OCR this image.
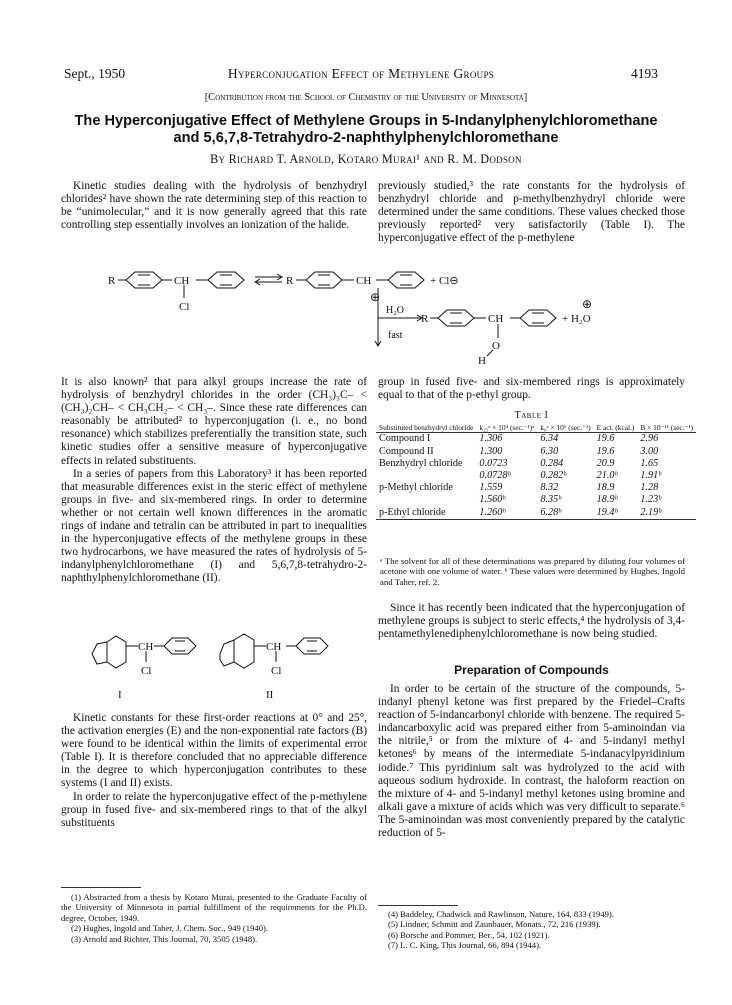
Sept., 1950	Hyperconjugation Effect of Methylene Groups	4193
[Contribution from the School of Chemistry of the University of Minnesota]
The Hyperconjugative Effect of Methylene Groups in 5-Indanylphenylchloromethane
and 5,6,7,8-Tetrahydro-2-naphthylphenylchloromethane
By Richard T. Arnold, Kotaro Murai¹ and R. M. Dodson

Kinetic studies dealing with the hydrolysis of benzhydryl chlorides² have shown the rate determining step of this reaction to be “unimolecular,” and it is now generally agreed that this rate controlling step essentially involves an ionization of the halide.

previously studied,³ the rate constants for the hydrolysis of benzhydryl chloride and p-methylbenzhydryl chloride were determined under the same conditions. These values checked those previously reported² very satisfactorily (Table I). The hyperconjugative effect of the p-methylene

R	CH
Cl
R	CH
⊕
+ Cl⊖
H₂O
fast
R	CH
O
H
+ H₂O
⊕

It is also known² that para alkyl groups increase the rate of hydrolysis of benzhydryl chlorides in the order (CH₃)₃C– < (CH₃)₂CH– < CH₃CH₂– < CH₃–. Since these rate differences can reasonably be attributed² to hyperconjugation (i. e., no bond resonance) which stabilizes preferentially the transition state, such kinetic studies offer a sensitive measure of hyperconjugative effects in related substituents.

In a series of papers from this Laboratory³ it has been reported that measurable differences exist in the steric effect of methylene groups in five- and six-membered rings. In order to determine whether or not certain well known differences in the aromatic rings of indane and tetralin can be attributed in part to inequalities in the hyperconjugative effects of the methylene groups in these two hydrocarbons, we have measured the rates of hydrolysis of 5-indanylphenylchloromethane (I) and 5,6,7,8-tetrahydro-2-naphthylphenylchloromethane (II).

CH
Cl
CH
Cl
I	II

Kinetic constants for these first-order reactions at 0° and 25°, the activation energies (E) and the non-exponential rate factors (B) were found to be identical within the limits of experimental error (Table I). It is therefore concluded that no appreciable difference in the degree to which hyperconjugation contributes to these systems (I and II) exists.

In order to relate the hyperconjugative effect of the p-methylene group in fused five- and six-membered rings to that of the alkyl substituents

(1) Abstracted from a thesis by Kotaro Murai, presented to the Graduate Faculty of the University of Minnesota in partial fulfillment of the requirements for the Ph.D. degree, October, 1949.

(2) Hughes, Ingold and Taher, J. Chem. Soc., 949 (1940).

(3) Arnold and Richter, This Journal, 70, 3505 (1948).

group in fused five- and six-membered rings is approximately equal to that of the p-ethyl group.

Table I
Substituted benzhydryl chloride	k₂₅ᵃ × 10⁴ (sec.⁻¹)ᵃ	k₀ᵃ × 10⁶ (sec.⁻¹)	E act. (kcal.)	B × 10⁻¹¹ (sec.⁻¹)
Compound I	1.306	6.34	19.6	2.96
Compound II	1.300	6.30	19.6	3.00
Benzhydryl chloride	0.0723	0.284	20.9	1.65
	0.0728ᵇ	0.282ᵇ	21.0ᵇ	1.91ᵇ
p-Methyl chloride	1.559	8.32	18.9	1.28
	1.560ᵇ	8.35ᵇ	18.9ᵇ	1.23ᵇ
p-Ethyl chloride	1.260ᵇ	6.28ᵇ	19.4ᵇ	2.19ᵇ
ᵃ The solvent for all of these determinations was prepared by diluting four volumes of acetone with one volume of water. ᵇ These values were determined by Hughes, Ingold and Taher, ref. 2.

Since it has recently been indicated that the hyperconjugation of methylene groups is subject to steric effects,⁴ the hydrolysis of 3,4-pentamethylenediphenylchloromethane is now being studied.

Preparation of Compounds

In order to be certain of the structure of the compounds, 5-indanyl phenyl ketone was first prepared by the Friedel–Crafts reaction of 5-indancarbonyl chloride with benzene. The required 5-indancarboxylic acid was prepared either from 5-aminoindan via the nitrile,⁵ or from the mixture of 4- and 5-indanyl methyl ketones⁶ by means of the intermediate 5-indanacylpyridinium iodide.⁷ This pyridinium salt was hydrolyzed to the acid with aqueous sodium hydroxide. In contrast, the haloform reaction on the mixture of 4- and 5-indanyl methyl ketones using bromine and alkali gave a mixture of acids which was very difficult to separate.⁶ The 5-aminoindan was most conveniently prepared by the catalytic reduction of 5-

(4) Baddeley, Chadwick and Rawlinson, Nature, 164, 833 (1949).

(5) Lindner, Schmitt and Zaunbauer, Monats., 72, 216 (1939).

(6) Borsche and Pommer, Ber., 54, 102 (1921).

(7) L. C. King, This Journal, 66, 894 (1944).
